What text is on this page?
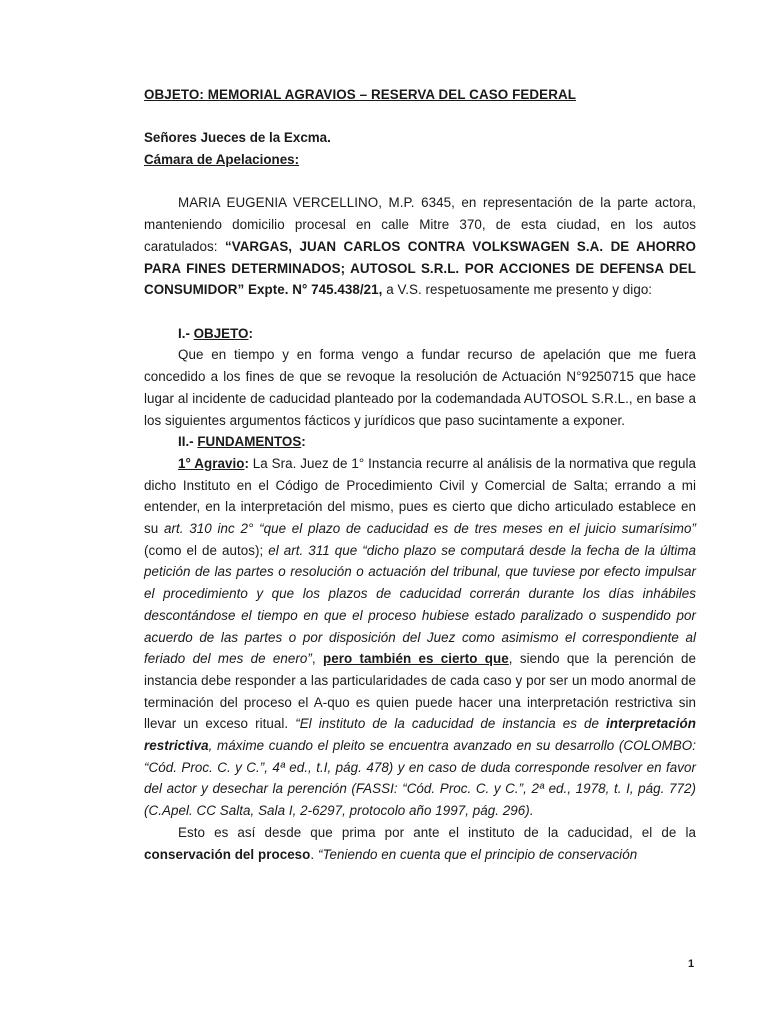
OBJETO: MEMORIAL AGRAVIOS – RESERVA DEL CASO FEDERAL
Señores Jueces de la Excma.
Cámara de Apelaciones:

MARIA EUGENIA VERCELLINO, M.P. 6345, en representación de la parte actora, manteniendo domicilio procesal en calle Mitre 370, de esta ciudad, en los autos caratulados: “VARGAS, JUAN CARLOS CONTRA VOLKSWAGEN S.A. DE AHORRO PARA FINES DETERMINADOS; AUTOSOL S.R.L. POR ACCIONES DE DEFENSA DEL CONSUMIDOR” Expte. N° 745.438/21, a V.S. respetuosamente me presento y digo:

I.- OBJETO:

Que en tiempo y en forma vengo a fundar recurso de apelación que me fuera concedido a los fines de que se revoque la resolución de Actuación N°9250715 que hace lugar al incidente de caducidad planteado por la codemandada AUTOSOL S.R.L., en base a los siguientes argumentos fácticos y jurídicos que paso sucintamente a exponer.

II.- FUNDAMENTOS:

1° Agravio: La Sra. Juez de 1° Instancia recurre al análisis de la normativa que regula dicho Instituto en el Código de Procedimiento Civil y Comercial de Salta; errando a mi entender, en la interpretación del mismo, pues es cierto que dicho articulado establece en su art. 310 inc 2° “que el plazo de caducidad es de tres meses en el juicio sumarísimo” (como el de autos); el art. 311 que “dicho plazo se computará desde la fecha de la última petición de las partes o resolución o actuación del tribunal, que tuviese por efecto impulsar el procedimiento y que los plazos de caducidad correrán durante los días inhábiles descontándose el tiempo en que el proceso hubiese estado paralizado o suspendido por acuerdo de las partes o por disposición del Juez como asimismo el correspondiente al feriado del mes de enero”, pero también es cierto que, siendo que la perención de instancia debe responder a las particularidades de cada caso y por ser un modo anormal de terminación del proceso el A-quo es quien puede hacer una interpretación restrictiva sin llevar un exceso ritual. “El instituto de la caducidad de instancia es de interpretación restrictiva, máxime cuando el pleito se encuentra avanzado en su desarrollo (COLOMBO: “Cód. Proc. C. y C.”, 4ª ed., t.I, pág. 478) y en caso de duda corresponde resolver en favor del actor y desechar la perención (FASSI: “Cód. Proc. C. y C.”, 2ª ed., 1978, t. I, pág. 772) (C.Apel. CC Salta, Sala I, 2-6297, protocolo año 1997, pág. 296).

Esto es así desde que prima por ante el instituto de la caducidad, el de la conservación del proceso. “Teniendo en cuenta que el principio de conservación

1
